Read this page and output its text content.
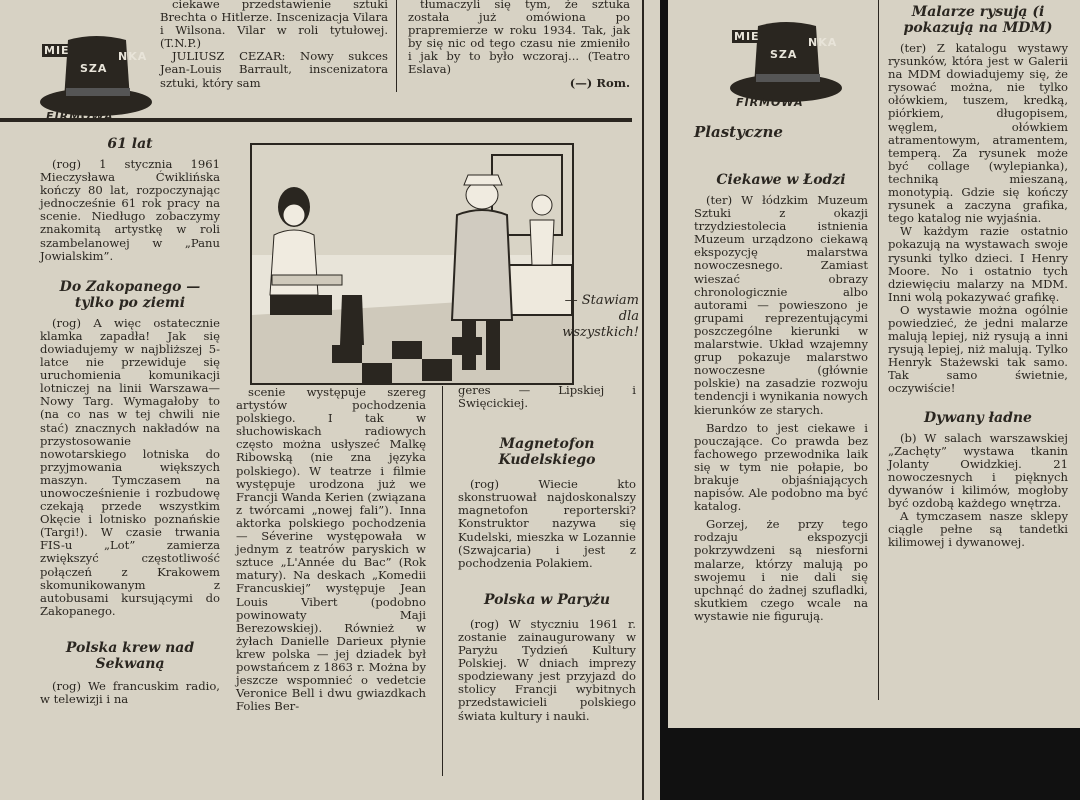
ciekawe przedstawienie sztuki Brechta o Hitlerze. Inscenizacja Vilara i Wilsona. Vilar w roli tytułowej. (T.N.P.)

JULIUSZ CEZAR: Nowy sukces Jean-Louis Barrault, inscenizatora sztuki, który sam

tłumaczyli się tym, że sztuka została już omówiona po prapremierze w roku 1934. Tak, jak by się nic od tego czasu nie zmieniło i jak by to było wczoraj... (Teatro Eslava)

(—) Rom.
MIE
SZA
NKA
FIRMOWA
61 lat

(rog) 1 stycznia 1961 Mieczysława Ćwiklińska kończy 80 lat, rozpoczynając jednocześnie 61 rok pracy na scenie. Niedługo zobaczymy znakomitą artystkę w roli szambelanowej w „Panu Jowialskim”.

Do Zakopanego — tylko po ziemi

(rog) A więc ostatecznie klamka zapadła! Jak się dowiadujemy w najbliższej 5-latce nie przewiduje się uruchomienia komunikacji lotniczej na linii Warszawa—Nowy Targ. Wymagałoby to (na co nas w tej chwili nie stać) znacznych nakładów na przystosowanie nowotarskiego lotniska do przyjmowania większych maszyn. Tymczasem na unowocześnienie i rozbudowę czekają przede wszystkim Okęcie i lotnisko poznańskie (Targi!). W czasie trwania FIS-u „Lot” zamierza zwiększyć częstotliwość połączeń z Krakowem skomunikowanym z autobusami kursującymi do Zakopanego.

Polska krew nad Sekwaną

(rog) We francuskim radio, w telewizji i na

— Stawiam dla wszystkich!

scenie występuje szereg artystów pochodzenia polskiego. I tak w słuchowiskach radiowych często można usłyszeć Malkę Ribowską (nie zna języka polskiego). W teatrze i filmie występuje urodzona już we Francji Wanda Kerien (związana z twórcami „nowej fali”). Inna aktorka polskiego pochodzenia — Séverine występowała w jednym z teatrów paryskich w sztuce „L'Année du Bac” (Rok matury). Na deskach „Komedii Francuskiej” występuje Jean Louis Vibert (podobno powinowaty Maji Berezowskiej). Również w żyłach Danielle Darieux płynie krew polska — jej dziadek był powstańcem z 1863 r. Można by jeszcze wspomnieć o vedetcie Veronice Bell i dwu gwiazdkach Folies Ber-

geres — Lipskiej i Święcickiej.

Magnetofon Kudelskiego

(rog) Wiecie kto skonstruował najdoskonalszy magnetofon reporterski? Konstruktor nazywa się Kudelski, mieszka w Lozannie (Szwajcaria) i jest z pochodzenia Polakiem.

Polska w Paryżu

(rog) W styczniu 1961 r. zostanie zainaugurowany w Paryżu Tydzień Kultury Polskiej. W dniach imprezy spodziewany jest przyjazd do stolicy Francji wybitnych przedstawicieli polskiego świata kultury i nauki.

MIE
SZA
NKA
FIRMOWA
Plastyczne
Ciekawe w Łodzi

(ter) W łódzkim Muzeum Sztuki z okazji trzydziestolecia istnienia Muzeum urządzono ciekawą ekspozycję malarstwa nowoczesnego. Zamiast wieszać obrazy chronologicznie albo autorami — powieszono je grupami reprezentującymi poszczególne kierunki w malarstwie. Układ wzajemny grup pokazuje malarstwo nowoczesne (głównie polskie) na zasadzie rozwoju tendencji i wynikania nowych kierunków ze starych.

Bardzo to jest ciekawe i pouczające. Co prawda bez fachowego przewodnika laik się w tym nie połapie, bo brakuje objaśniających napisów. Ale podobno ma być katalog.

Gorzej, że przy tego rodzaju ekspozycji pokrzywdzeni są niesforni malarze, którzy malują po swojemu i nie dali się upchnąć do żadnej szufladki, skutkiem czego wcale na wystawie nie figurują.

Malarze rysują (i pokazują na MDM)

(ter) Z katalogu wystawy rysunków, która jest w Galerii na MDM dowiadujemy się, że rysować można, nie tylko ołówkiem, tuszem, kredką, piórkiem, długopisem, węglem, ołówkiem atramentowym, atramentem, temperą. Za rysunek może być collage (wylepianka), techniką mieszaną, monotypią. Gdzie się kończy rysunek a zaczyna grafika, tego katalog nie wyjaśnia.

W każdym razie ostatnio pokazują na wystawach swoje rysunki tylko dzieci. I Henry Moore. No i ostatnio tych dziewięciu malarzy na MDM. Inni wolą pokazywać grafikę.

O wystawie można ogólnie powiedzieć, że jedni malarze malują lepiej, niż rysują a inni rysują lepiej, niż malują. Tylko Henryk Stażewski tak samo. Tak samo świetnie, oczywiście!

Dywany ładne

(b) W salach warszawskiej „Zachęty” wystawa tkanin Jolanty Owidzkiej. 21 nowoczesnych i pięknych dywanów i kilimów, mogłoby być ozdobą każdego wnętrza.

A tymczasem nasze sklepy ciągle pełne są tandetki kilimowej i dywanowej.
